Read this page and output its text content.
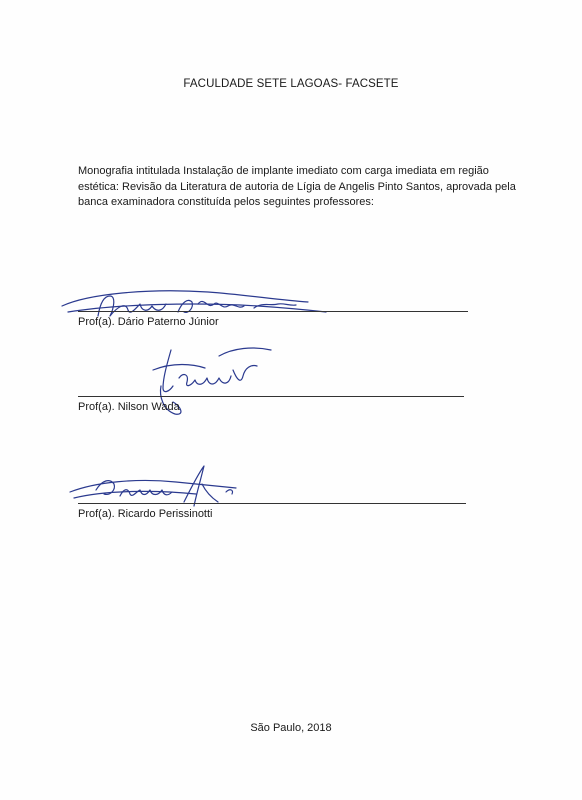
FACULDADE SETE LAGOAS- FACSETE

Monografia intitulada Instalação de implante imediato com carga imediata em região estética: Revisão da Literatura de autoria de Lígia de Angelis Pinto Santos, aprovada pela banca examinadora constituída pelos seguintes professores:

Prof(a). Dário Paterno Júnior
Prof(a). Nilson Wada
Prof(a). Ricardo Perissinotti
São Paulo, 2018
